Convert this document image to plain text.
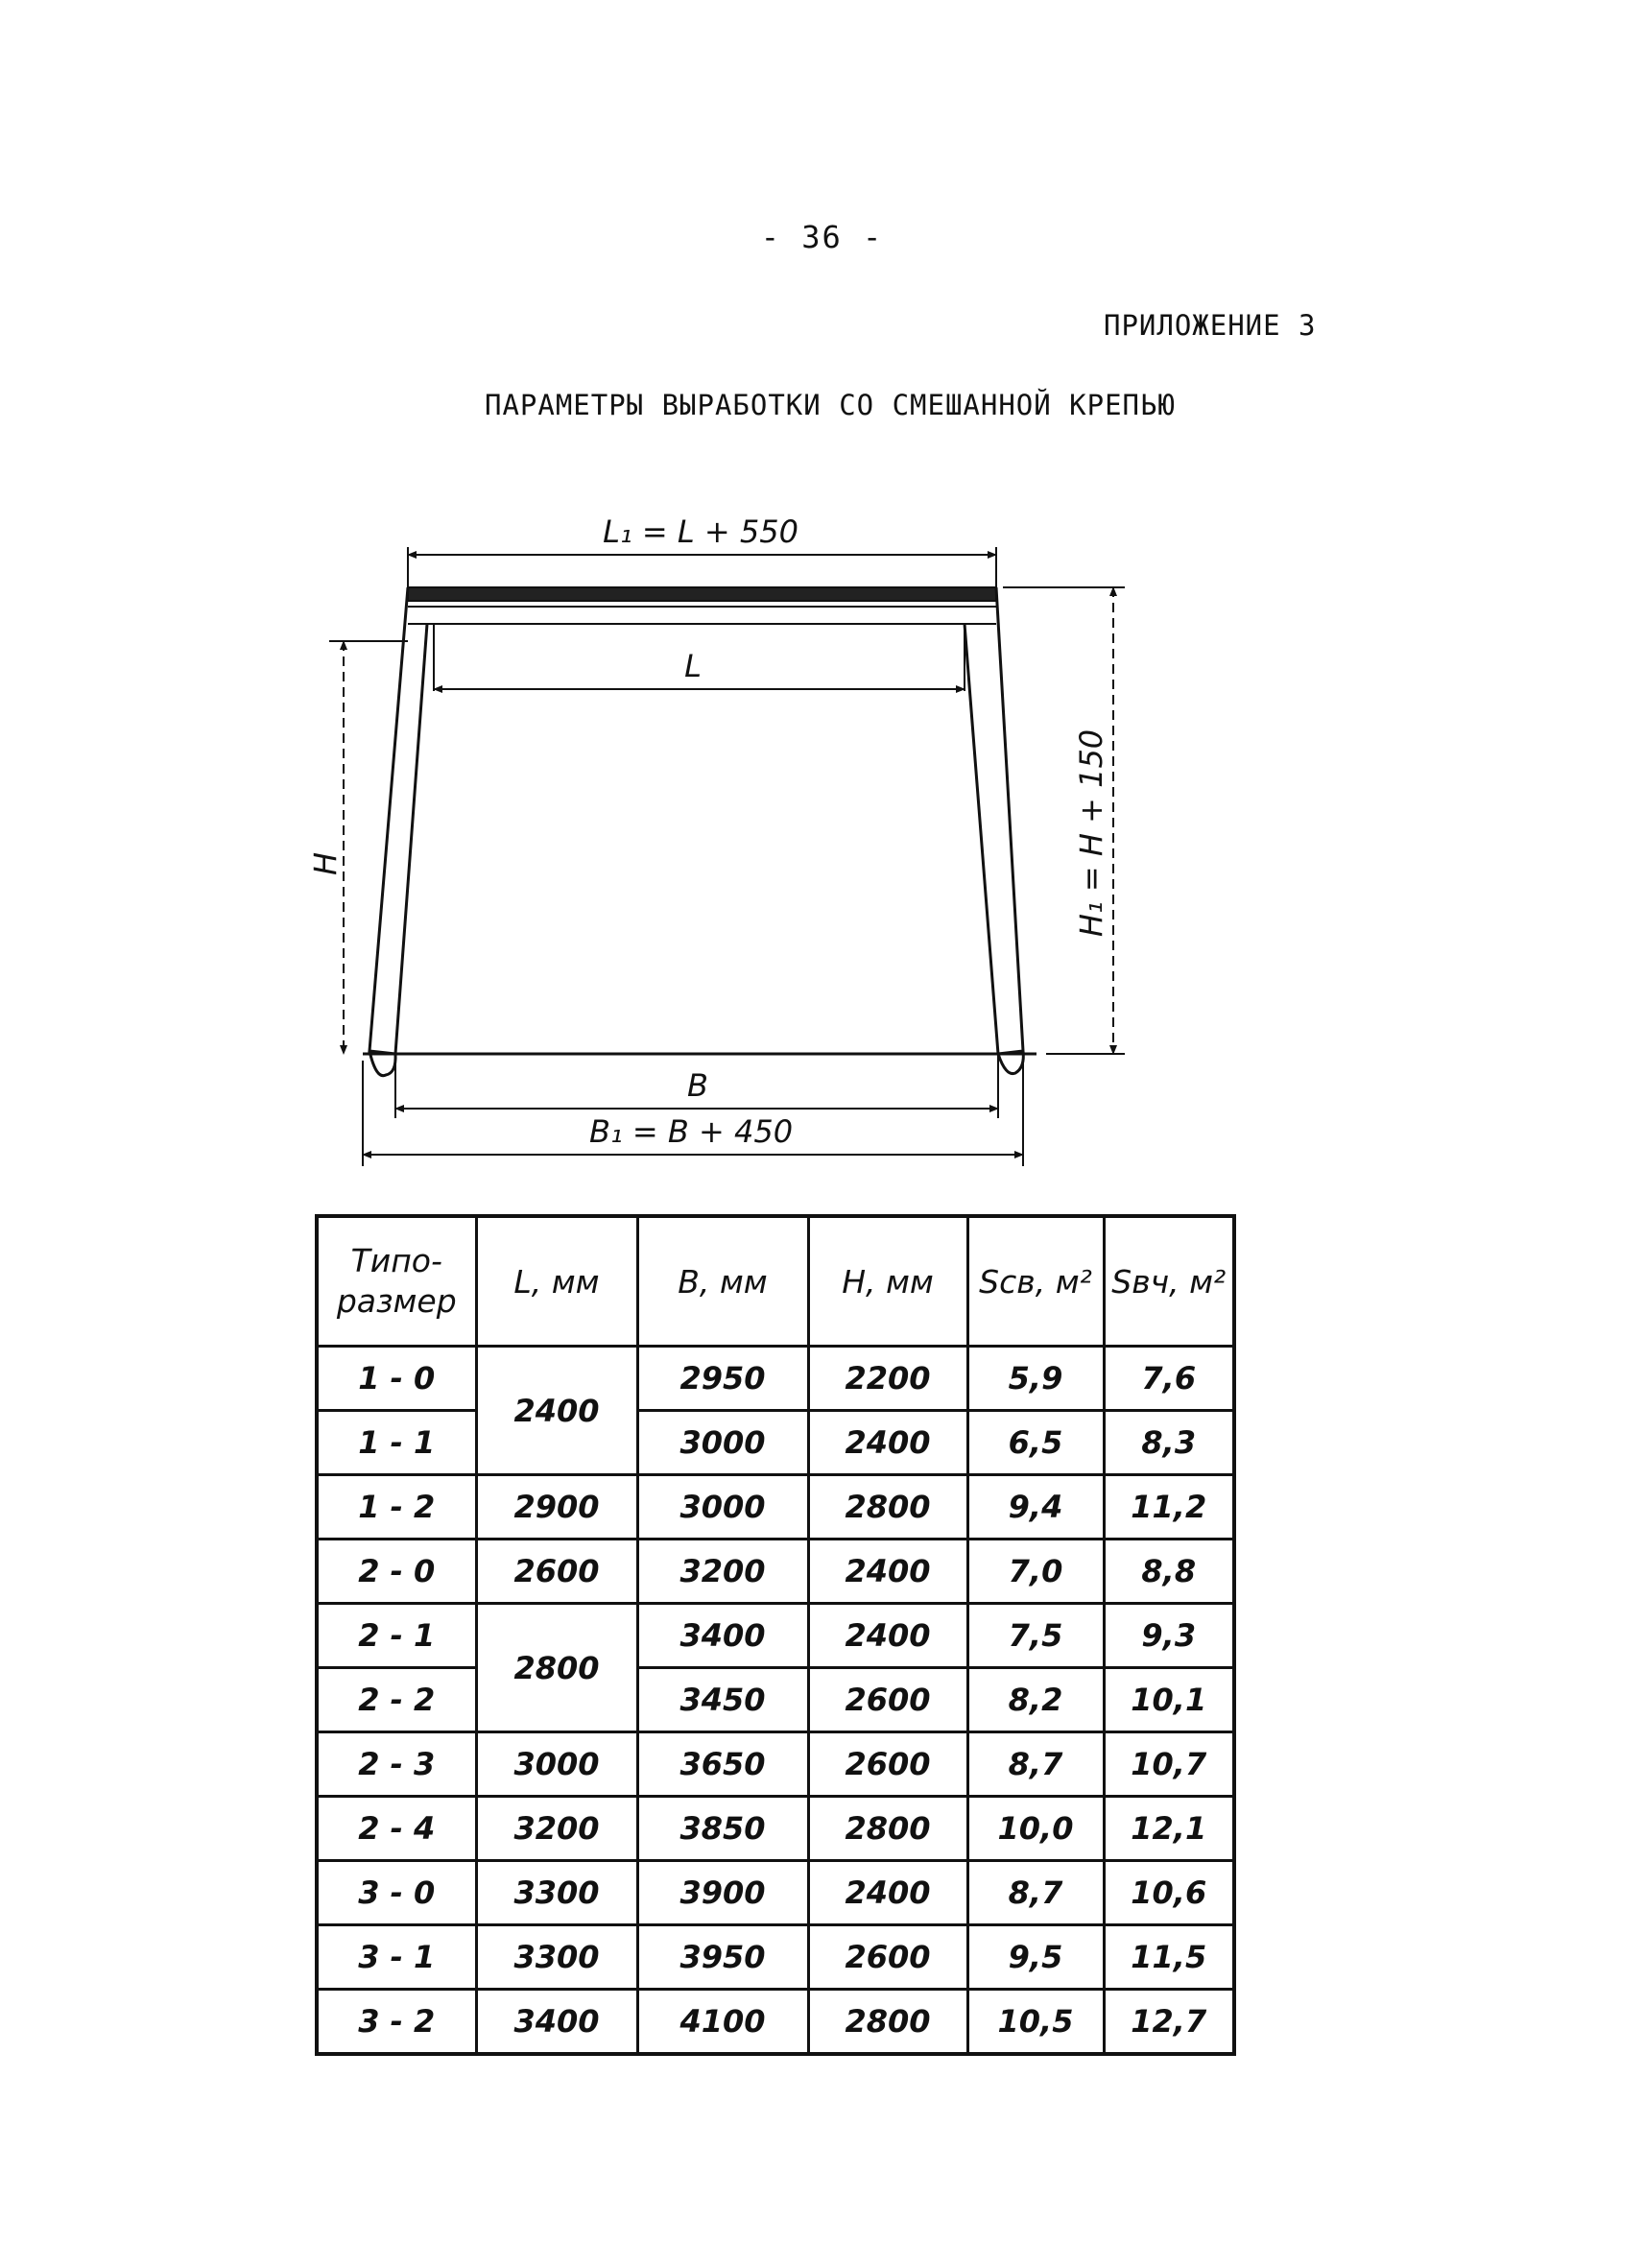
- 36 -
ПРИЛОЖЕНИЕ 3
ПАРАМЕТРЫ ВЫРАБОТКИ СО СМЕШАННОЙ КРЕПЬЮ
L₁ = L + 550
L
H	H₁ = H + 150
B
B₁ = B + 450
Типо-размер	L, мм	B, мм	H, мм	Sсв, м²	Sвч, м²
1 - 0	2400	2950	2200	5,9	7,6
1 - 1		3000	2400	6,5	8,3
1 - 2	2900	3000	2800	9,4	11,2
2 - 0	2600	3200	2400	7,0	8,8
2 - 1	2800	3400	2400	7,5	9,3
2 - 2		3450	2600	8,2	10,1
2 - 3	3000	3650	2600	8,7	10,7
2 - 4	3200	3850	2800	10,0	12,1
3 - 0	3300	3900	2400	8,7	10,6
3 - 1	3300	3950	2600	9,5	11,5
3 - 2	3400	4100	2800	10,5	12,7
